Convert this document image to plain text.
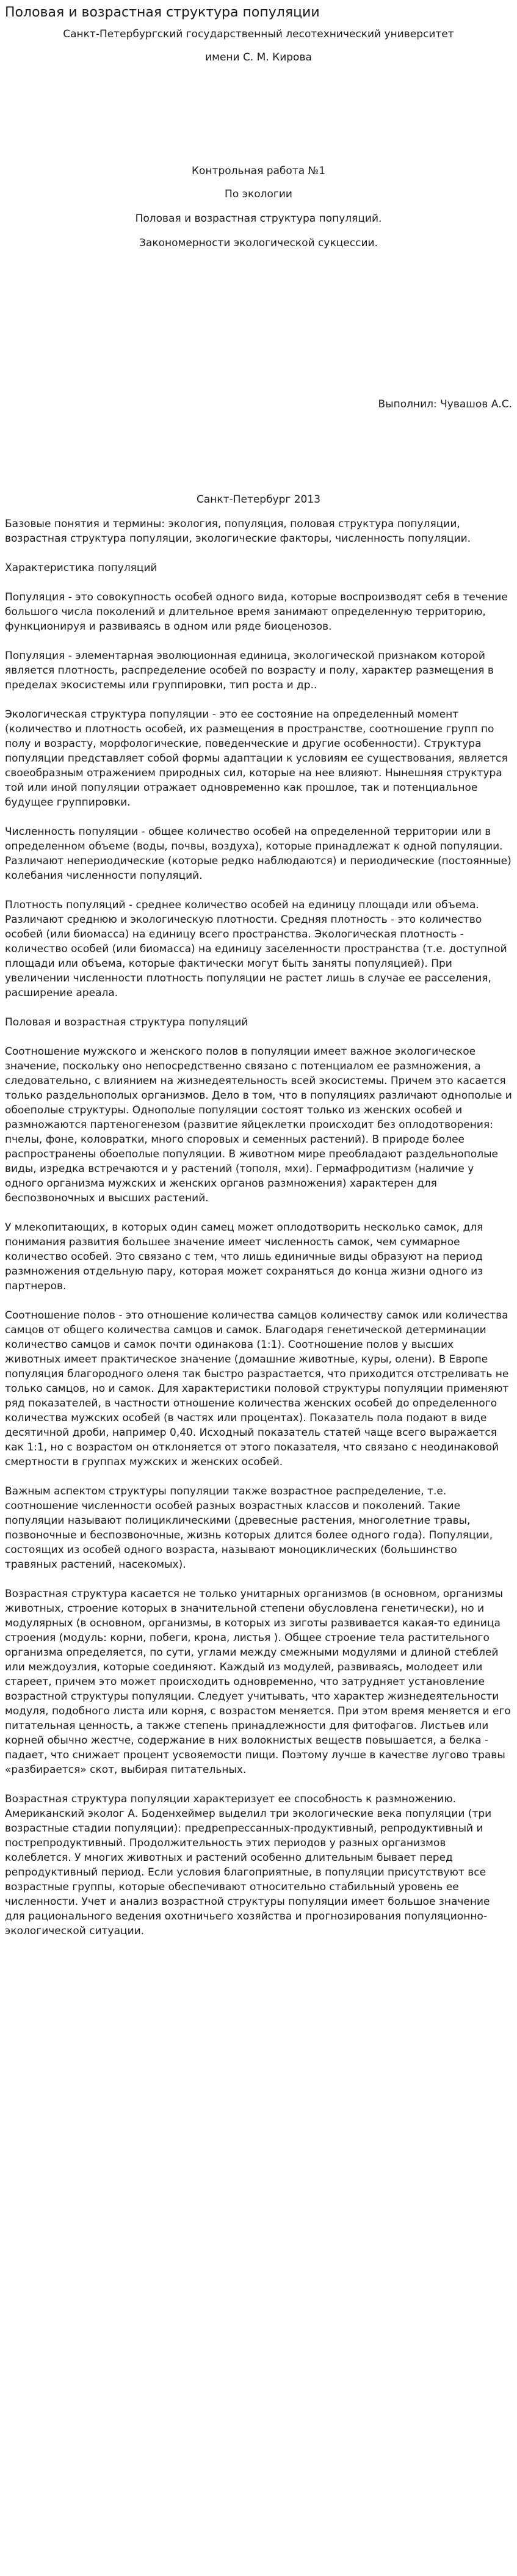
Половая и возрастная структура популяции

Санкт-Петербургский государственный лесотехнический университет

имени С. М. Кирова

Контрольная работа №1

По экологии

Половая и возрастная структура популяций.

Закономерности экологической сукцессии.

Выполнил: Чувашов А.С.

Санкт-Петербург 2013

Базовые понятия и термины: экология, популяция, половая структура популяции, возрастная структура популяции, экологические факторы, численность популяции.

Характеристика популяций

Популяция - это совокупность особей одного вида, которые воспроизводят себя в течение большого числа поколений и длительное время занимают определенную территорию, функционируя и развиваясь в одном или ряде биоценозов.

Популяция - элементарная эволюционная единица, экологической признаком которой является плотность, распределение особей по возрасту и полу, характер размещения в пределах экосистемы или группировки, тип роста и др..

Экологическая структура популяции - это ее состояние на определенный момент (количество и плотность особей, их размещения в пространстве, соотношение групп по полу и возрасту, морфологические, поведенческие и другие особенности). Структура популяции представляет собой формы адаптации к условиям ее существования, является своеобразным отражением природных сил, которые на нее влияют. Нынешняя структура той или иной популяции отражает одновременно как прошлое, так и потенциальное будущее группировки.

Численность популяции - общее количество особей на определенной территории или в определенном объеме (воды, почвы, воздуха), которые принадлежат к одной популяции. Различают непериодические (которые редко наблюдаются) и периодические (постоянные) колебания численности популяций.

Плотность популяций - среднее количество особей на единицу площади или объема. Различают среднюю и экологическую плотности. Средняя плотность - это количество особей (или биомасса) на единицу всего пространства. Экологическая плотность - количество особей (или биомасса) на единицу заселенности пространства (т.е. доступной площади или объема, которые фактически могут быть заняты популяцией). При увеличении численности плотность популяции не растет лишь в случае ее расселения, расширение ареала.

Половая и возрастная структура популяций

Соотношение мужского и женского полов в популяции имеет важное экологическое значение, поскольку оно непосредственно связано с потенциалом ее размножения, а следовательно, с влиянием на жизнедеятельность всей экосистемы. Причем это касается только раздельнополых организмов. Дело в том, что в популяциях различают однополые и обоеполые структуры. Однополые популяции состоят только из женских особей и размножаются партеногенезом (развитие яйцеклетки происходит без оплодотворения: пчелы, фоне, коловратки, много споровых и семенных растений). В природе более распространены обоеполые популяции. В животном мире преобладают раздельнополые виды, изредка встречаются и у растений (тополя, мхи). Гермафродитизм (наличие у одного организма мужских и женских органов размножения) характерен для беспозвоночных и высших растений.

У млекопитающих, в которых один самец может оплодотворить несколько самок, для понимания развития большее значение имеет численность самок, чем суммарное количество особей. Это связано с тем, что лишь единичные виды образуют на период размножения отдельную пару, которая может сохраняться до конца жизни одного из партнеров.

Соотношение полов - это отношение количества самцов количеству самок или количества самцов от общего количества самцов и самок. Благодаря генетической детерминации количество самцов и самок почти одинакова (1:1). Соотношение полов у высших животных имеет практическое значение (домашние животные, куры, олени). В Европе популяция благородного оленя так быстро разрастается, что приходится отстреливать не только самцов, но и самок. Для характеристики половой структуры популяции применяют ряд показателей, в частности отношение количества женских особей до определенного количества мужских особей (в частях или процентах). Показатель пола подают в виде десятичной дроби, например 0,40. Исходный показатель статей чаще всего выражается как 1:1, но с возрастом он отклоняется от этого показателя, что связано с неодинаковой смертности в группах мужских и женских особей.

Важным аспектом структуры популяции также возрастное распределение, т.е. соотношение численности особей разных возрастных классов и поколений. Такие популяции называют полициклическими (древесные растения, многолетние травы, позвоночные и беспозвоночные, жизнь которых длится более одного года). Популяции, состоящих из особей одного возраста, называют моноциклических (большинство травяных растений, насекомых).

Возрастная структура касается не только унитарных организмов (в основном, организмы животных, строение которых в значительной степени обусловлена генетически), но и модулярных (в основном, организмы, в которых из зиготы развивается какая-то единица строения (модуль: корни, побеги, крона, листья ). Общее строение тела растительного организма определяется, по сути, углами между смежными модулями и длиной стеблей или междоузлия, которые соединяют. Каждый из модулей, развиваясь, молодеет или стареет, причем это может происходить одновременно, что затрудняет установление возрастной структуры популяции. Следует учитывать, что характер жизнедеятельности модуля, подобного листа или корня, с возрастом меняется. При этом время меняется и его питательная ценность, а также степень принадлежности для фитофагов. Листьев или корней обычно жестче, содержание в них волокнистых веществ повышается, а белка - падает, что снижает процент усвояемости пищи. Поэтому лучше в качестве лугово травы «разбирается» скот, выбирая питательных.

Возрастная структура популяции характеризует ее способность к размножению. Американский эколог А. Боденхеймер выделил три экологические века популяции (три возрастные стадии популяции): предрепрессанных-продуктивный, репродуктивный и пострепродуктивный. Продолжительность этих периодов у разных организмов колеблется. У многих животных и растений особенно длительным бывает перед репродуктивный период. Если условия благоприятные, в популяции присутствуют все возрастные группы, которые обеспечивают относительно стабильный уровень ее численности. Учет и анализ возрастной структуры популяции имеет большое значение для рационального ведения охотничьего хозяйства и прогнозирования популяционно-экологической ситуации.
